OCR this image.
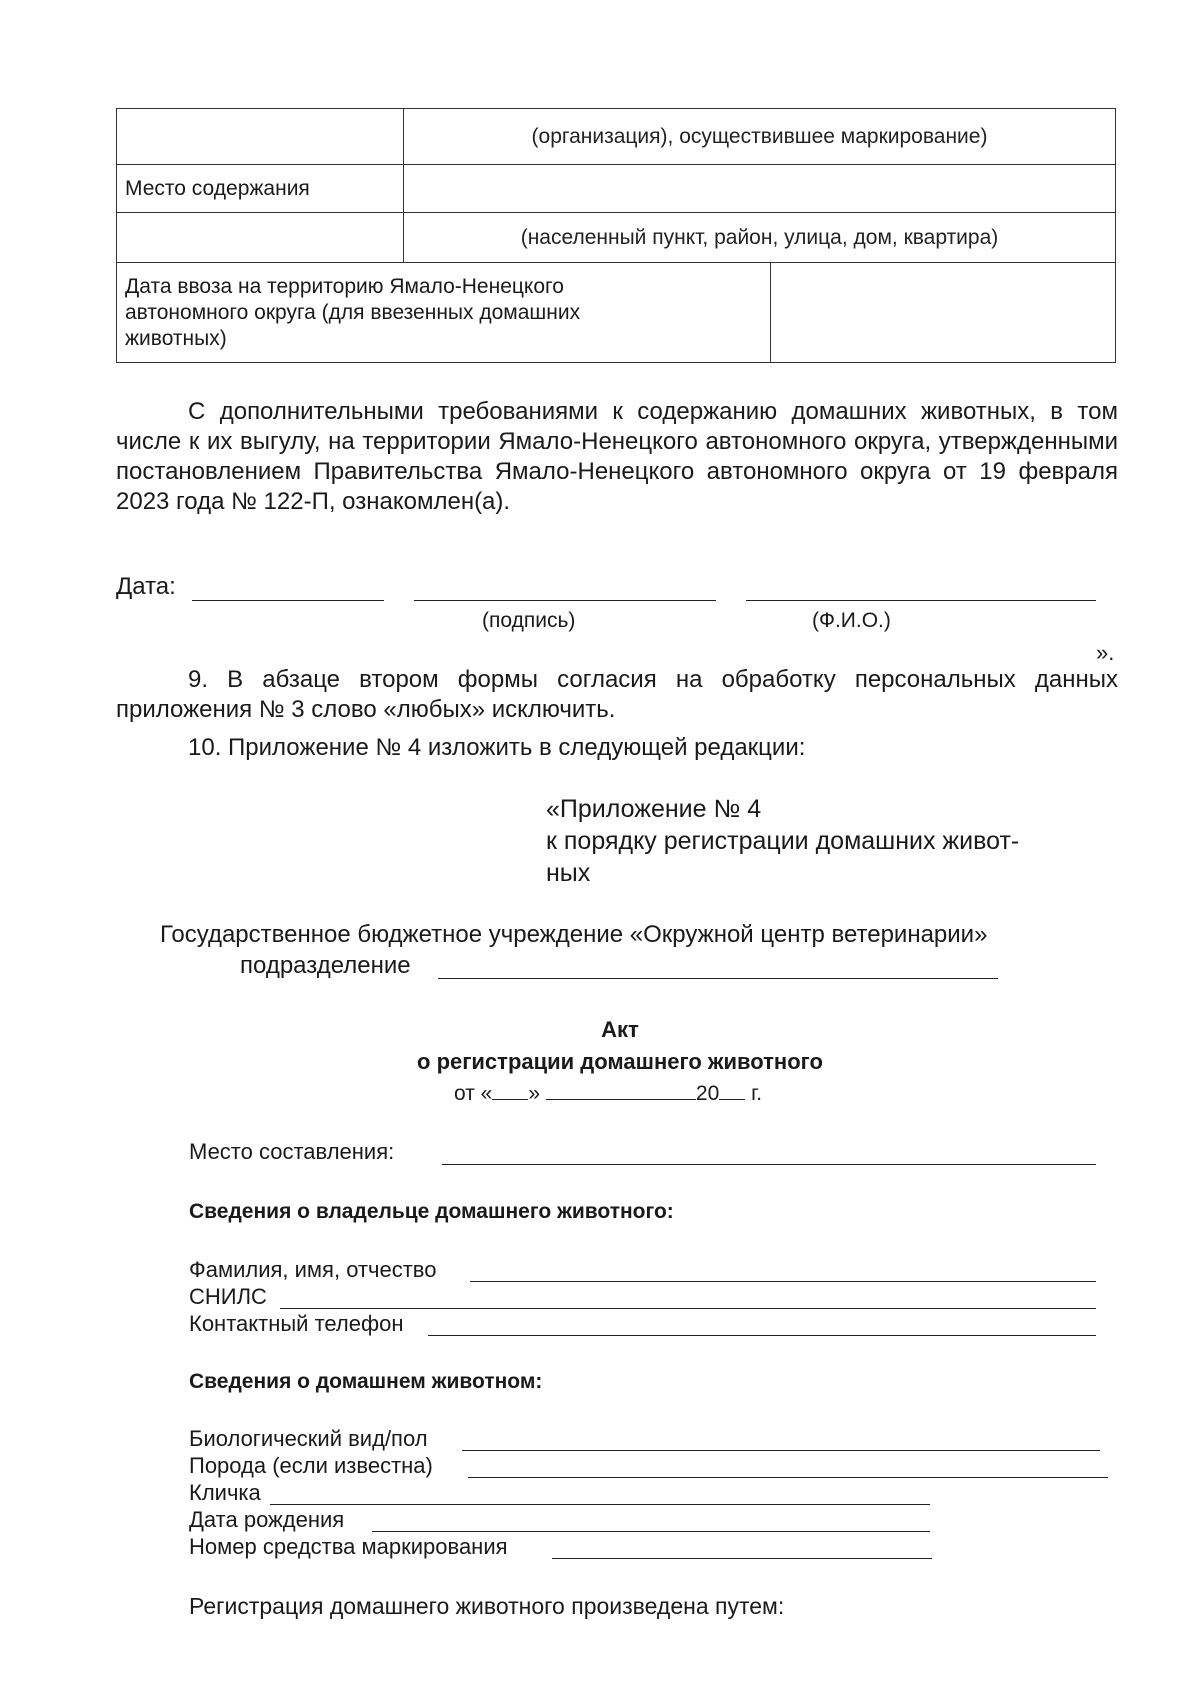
	(организация), осуществившее маркирование)	
Место содержания		
	(населенный пункт, район, улица, дом, квартира)	
Дата ввоза на территорию Ямало-Ненецкого автономного округа (для ввезенных домашних животных)		
С дополнительными требованиями к содержанию домашних животных, в том числе к их выгулу, на территории Ямало-Ненецкого автономного округа, утвержденными постановлением Правительства Ямало-Ненецкого автономного округа от 19 февраля 2023 года № 122-П, ознакомлен(а).
Дата:
(подпись)	(Ф.И.О.)
».
9. В абзаце втором формы согласия на обработку персональных данных приложения № 3 слово «любых» исключить.
10. Приложение № 4 изложить в следующей редакции:
«Приложение № 4
к порядку регистрации домашних живот-
ных
Государственное бюджетное учреждение «Окружной центр ветеринарии»
подразделение
Акт
о регистрации домашнего животного
от « »	20 г.
Место составления:
Сведения о владельце домашнего животного:
Фамилия, имя, отчество
СНИЛС
Контактный телефон
Сведения о домашнем животном:
Биологический вид/пол
Порода (если известна)
Кличка
Дата рождения
Номер средства маркирования
Регистрация домашнего животного произведена путем:
